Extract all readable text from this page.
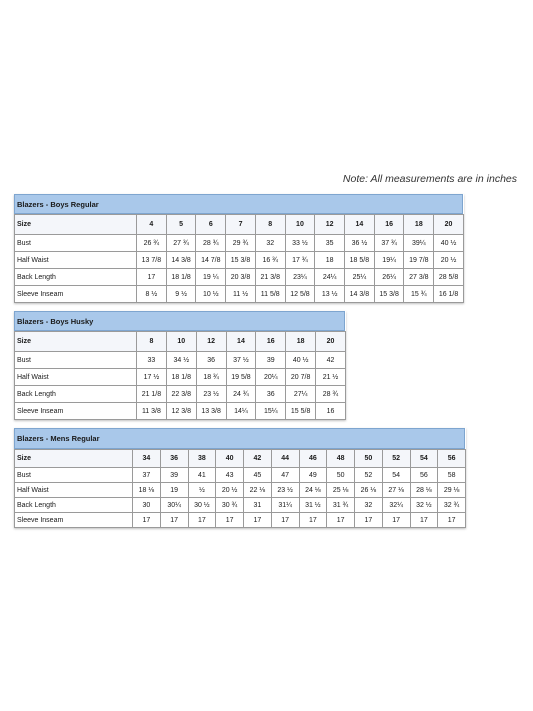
Note: All measurements are in inches
Blazers - Boys Regular
Size	4	5	6	7	8	10	12	14	16	18	20
Bust	26 ¾	27 ¾	28 ¾	29 ¾	32	33 ½	35	36 ½	37 ¾	39¼	40 ½
Half Waist	13 7/8	14 3/8	14 7/8	15 3/8	16 ¾	17 ¾	18	18 5/8	19¼	19 7/8	20 ½
Back Length	17	18 1/8	19 ¼	20 3/8	21 3/8	23¼	24¼	25¼	26¼	27 3/8	28 5/8
Sleeve Inseam	8 ½	9 ½	10 ½	11 ½	11 5/8	12 5/8	13 ½	14 3/8	15 3/8	15 ¾	16 1/8
Blazers - Boys Husky
Size	8	10	12	14	16	18	20
Bust	33	34 ½	36	37 ½	39	40 ½	42
Half Waist	17 ½	18 1/8	18 ¾	19 5/8	20¼	20 7/8	21 ½
Back Length	21 1/8	22 3/8	23 ½	24 ¾	36	27¼	28 ¾
Sleeve Inseam	11 3/8	12 3/8	13 3/8	14¼	15¼	15 5/8	16
Blazers - Mens Regular
Size	34	36	38	40	42	44	46	48	50	52	54	56
Bust	37	39	41	43	45	47	49	50	52	54	56	58
Half Waist	18 ⅛	19	½	20 ½	22 ⅛	23 ½	24 ⅛	25 ⅛	26 ⅛	27 ⅛	28 ⅛	29 ⅛
Back Length	30	30¼	30 ½	30 ¾	31	31¼	31 ½	31 ¾	32	32¼	32 ½	32 ¾
Sleeve Inseam	17	17	17	17	17	17	17	17	17	17	17	17
